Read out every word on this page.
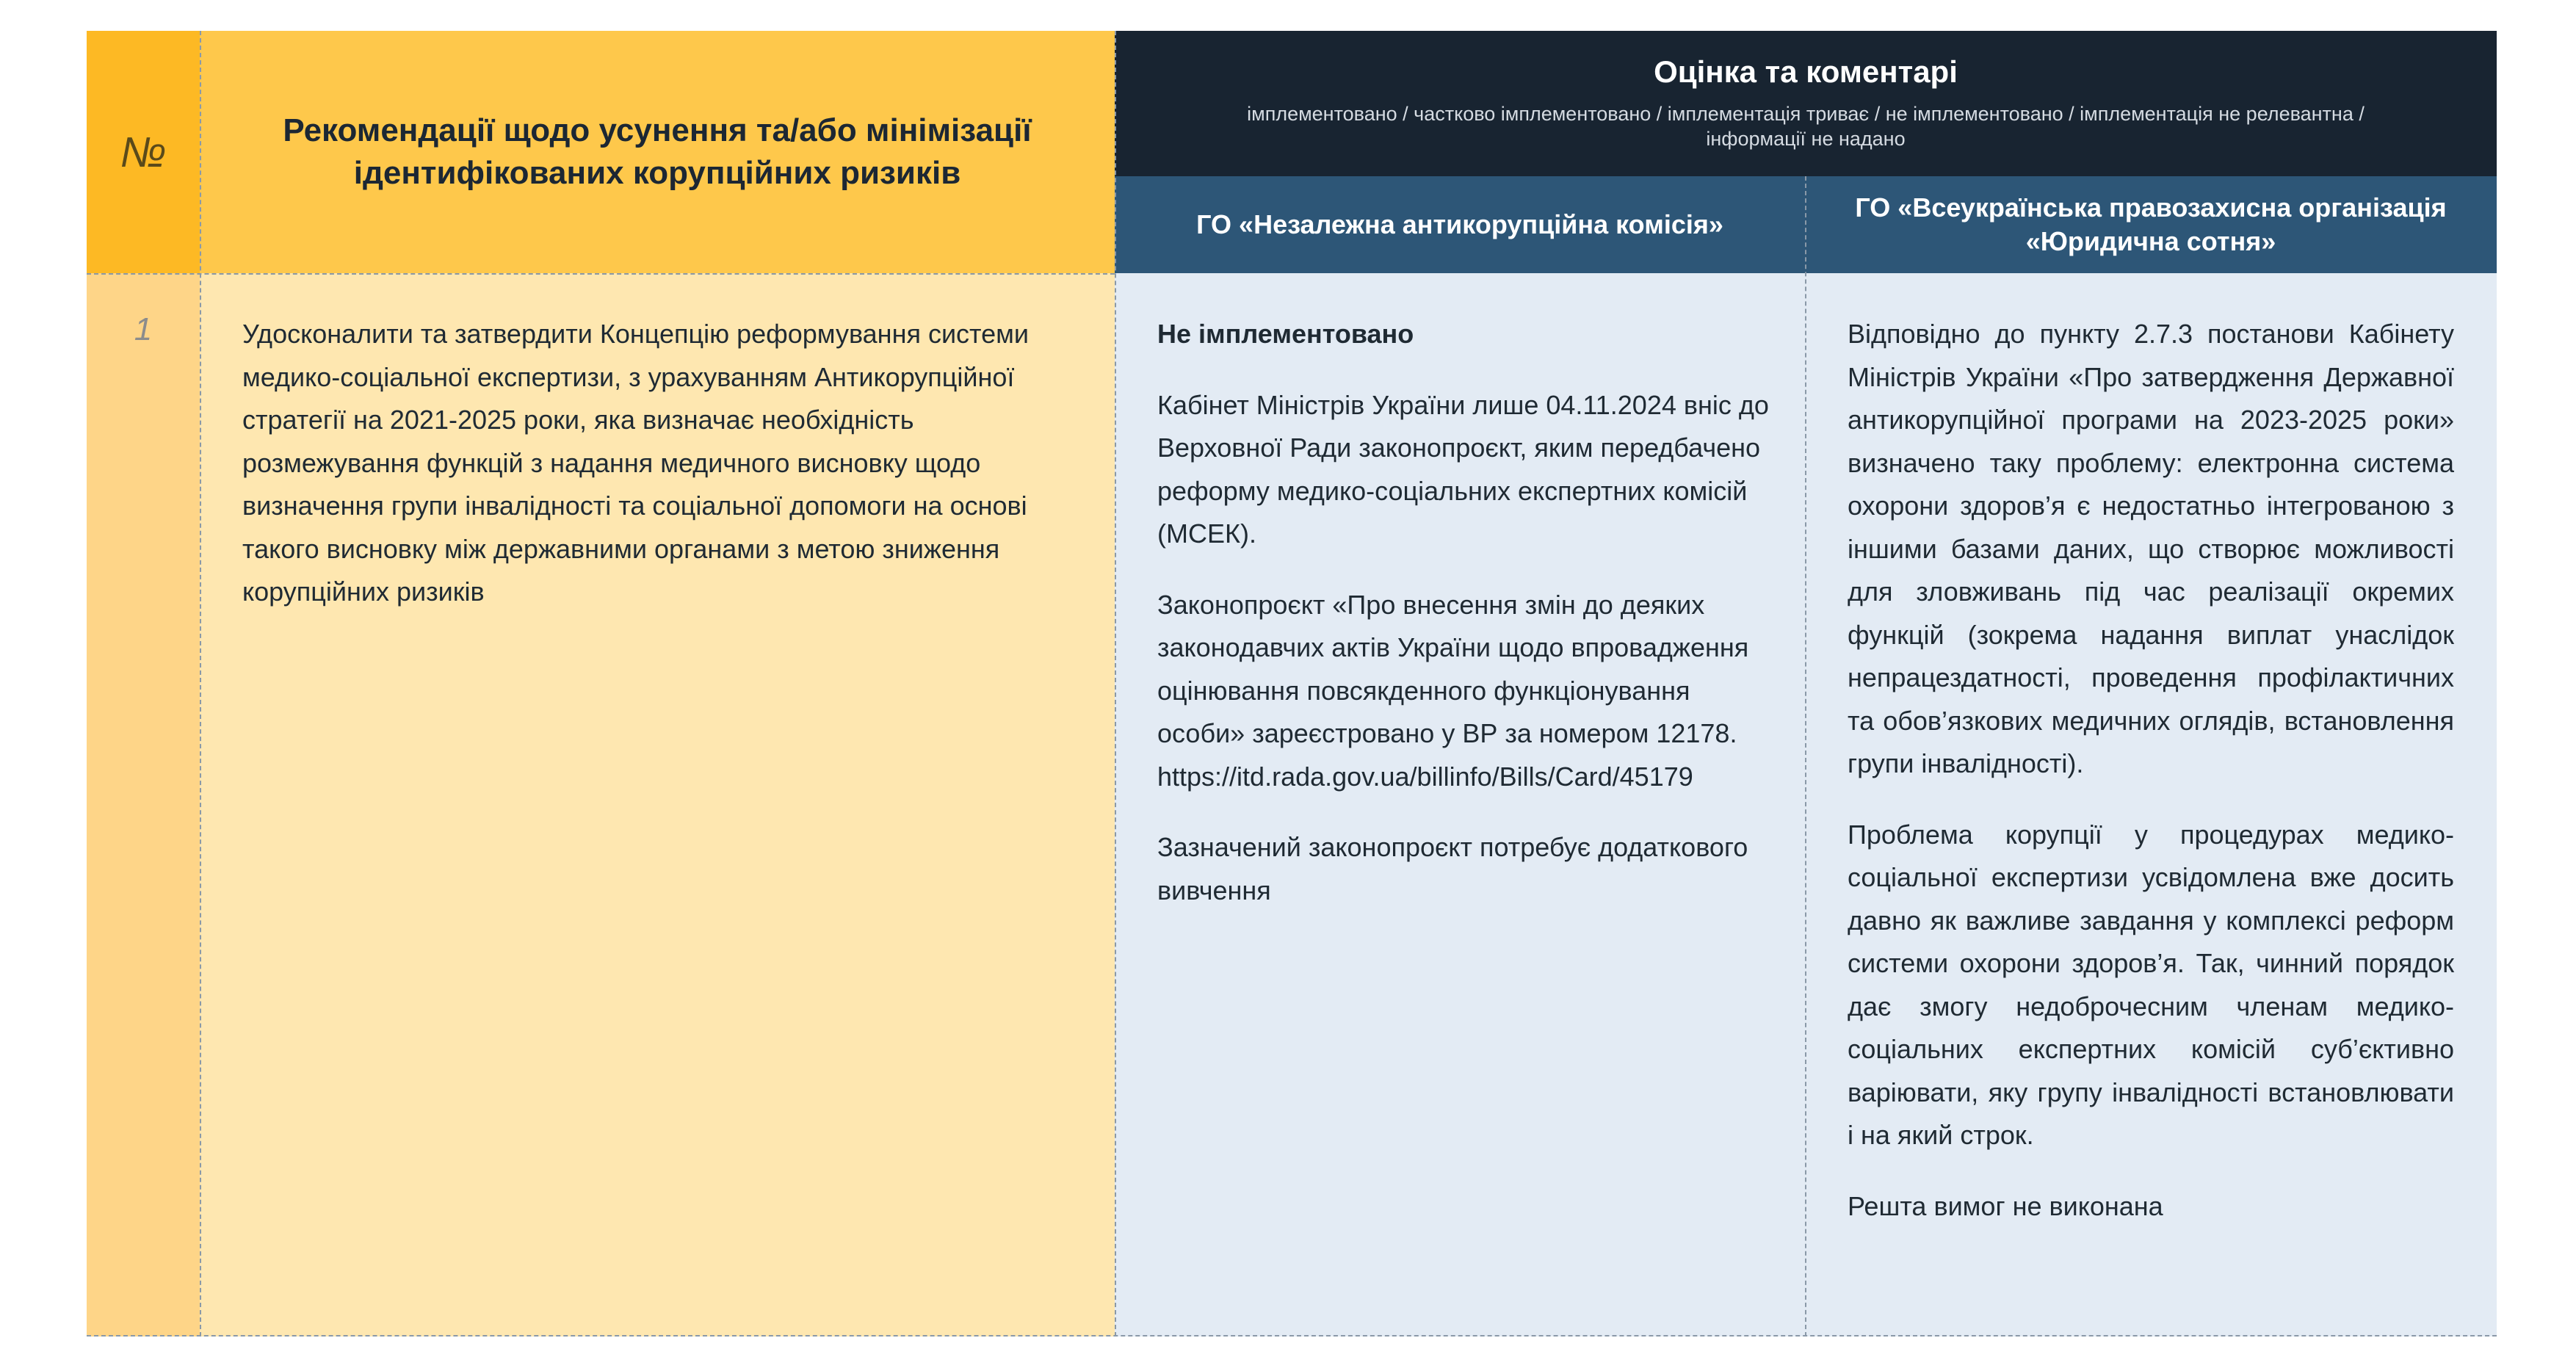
№	Рекомендації щодо усунення та/або мінімізації ідентифікованих корупційних ризиків
Оцінка та коментарі
імплементовано / частково імплементовано / імплементація триває / не імплементовано / імплементація не релевантна / інформації не надано
ГО «Незалежна антикорупційна комісія»
ГО «Всеукраїнська правозахисна організація «Юридична сотня»
1	Удосконалити та затвердити Концепцію реформування системи медико-соціальної експертизи, з урахуванням Антикорупційної стратегії на 2021-2025 роки, яка визначає необхідність розмежування функцій з надання медичного висновку щодо визначення групи інвалідності та соціальної допомоги на основі такого висновку між державними органами з метою зниження корупційних ризиків

Не імплементовано

Кабінет Міністрів України лише 04.11.2024 вніс до Верховної Ради законопроєкт, яким передбачено реформу медико-соціальних експертних комісій (МСЕК).

Законопроєкт «Про внесення змін до деяких законодавчих актів України щодо впровадження оцінювання повсякденного функціонування особи» зареєстровано у ВР за номером 12178.

https://itd.rada.gov.ua/billinfo/Bills/Card/45179

Зазначений законопроєкт потребує додаткового вивчення

Відповідно до пункту 2.7.3 постанови Кабінету Міністрів України «Про затвердження Державної антикорупційної програми на 2023-2025 роки» визначено таку проблему: електронна система охорони здоров’я є недостатньо інтегрованою з іншими базами даних, що створює можливості для зловживань під час реалізації окремих функцій (зокрема надання виплат унаслідок непрацездатності, проведення профілактичних та обов’язкових медичних оглядів, встановлення групи інвалідності).

Проблема корупції у процедурах медико-соціальної експертизи усвідомлена вже досить давно як важливе завдання у комплексі реформ системи охорони здоров’я. Так, чинний порядок дає змогу недоброчесним членам медико-соціальних експертних комісій суб’єктивно варіювати, яку групу інвалідності встановлювати і на який строк.

Решта вимог не виконана
